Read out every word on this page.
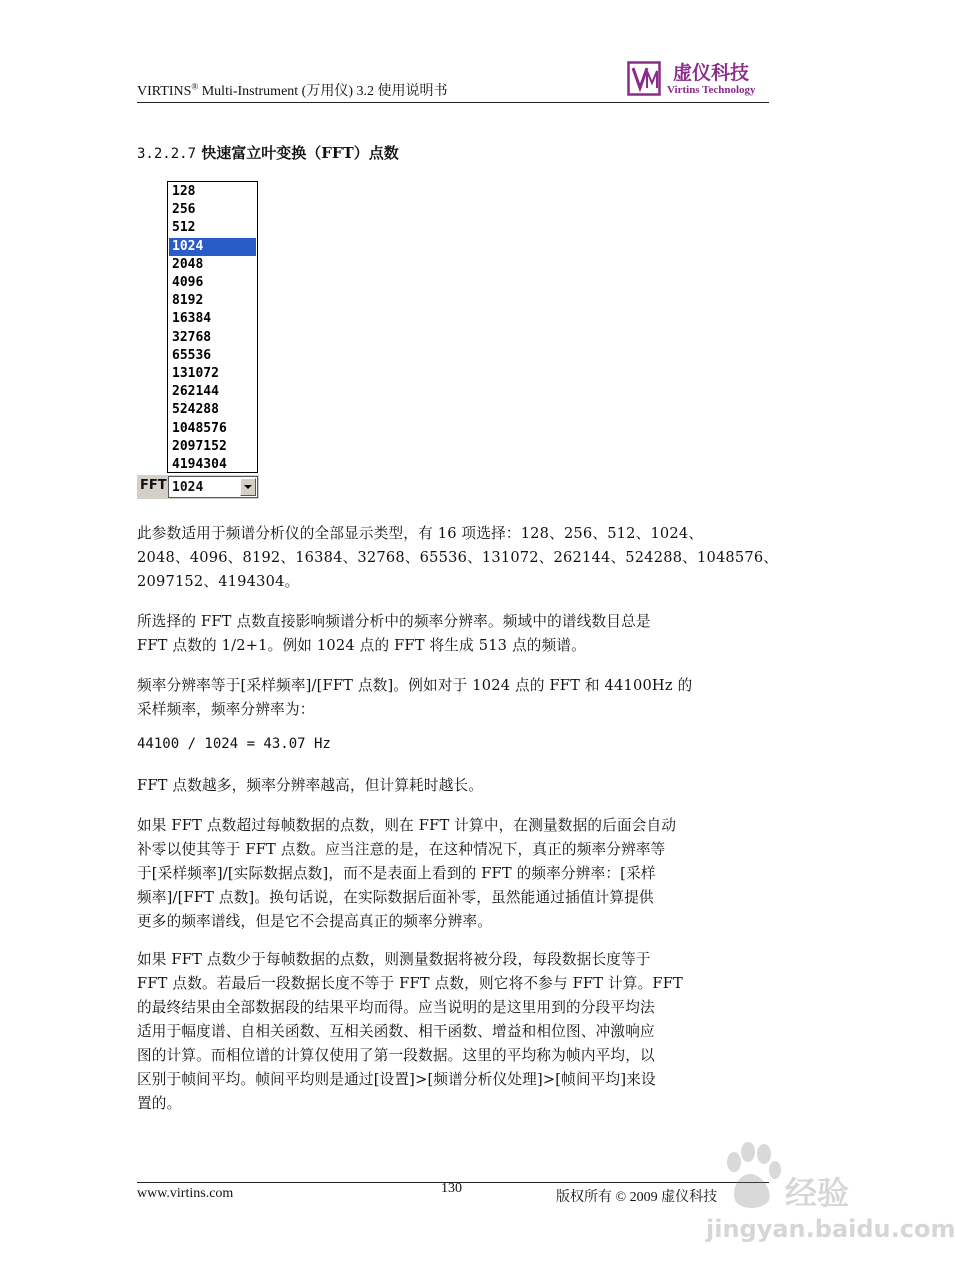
VIRTINS® Multi-Instrument (万用仪) 3.2 使用说明书
虚仪科技
Virtins Technology
3.2.2.7 快速富立叶变换（FFT）点数
128
256
512
1024
2048
4096
8192
16384
32768
65536
131072
262144
524288
1048576
2097152
4194304
FFT 1024
此参数适用于频谱分析仪的全部显示类型，有 16 项选择：128、256、512、1024、
2048、4096、8192、16384、32768、65536、131072、262144、524288、1048576、
2097152、4194304。
所选择的 FFT 点数直接影响频谱分析中的频率分辨率。频域中的谱线数目总是
FFT 点数的 1/2+1。例如 1024 点的 FFT 将生成 513 点的频谱。
频率分辨率等于[采样频率]/[FFT 点数]。例如对于 1024 点的 FFT 和 44100Hz 的
采样频率，频率分辨率为：
44100 / 1024 = 43.07 Hz
FFT 点数越多，频率分辨率越高，但计算耗时越长。
如果 FFT 点数超过每帧数据的点数，则在 FFT 计算中，在测量数据的后面会自动
补零以使其等于 FFT 点数。应当注意的是，在这种情况下，真正的频率分辨率等
于[采样频率]/[实际数据点数]，而不是表面上看到的 FFT 的频率分辨率：[采样
频率]/[FFT 点数]。换句话说，在实际数据后面补零，虽然能通过插值计算提供
更多的频率谱线，但是它不会提高真正的频率分辨率。
如果 FFT 点数少于每帧数据的点数，则测量数据将被分段，每段数据长度等于
FFT 点数。若最后一段数据长度不等于 FFT 点数，则它将不参与 FFT 计算。FFT
的最终结果由全部数据段的结果平均而得。应当说明的是这里用到的分段平均法
适用于幅度谱、自相关函数、互相关函数、相干函数、增益和相位图、冲激响应
图的计算。而相位谱的计算仅使用了第一段数据。这里的平均称为帧内平均，以
区别于帧间平均。帧间平均则是通过[设置]>[频谱分析仪处理]>[帧间平均]来设
置的。
www.virtins.com	130
版权所有 © 2009 虚仪科技 经验
jingyan.baidu.com
